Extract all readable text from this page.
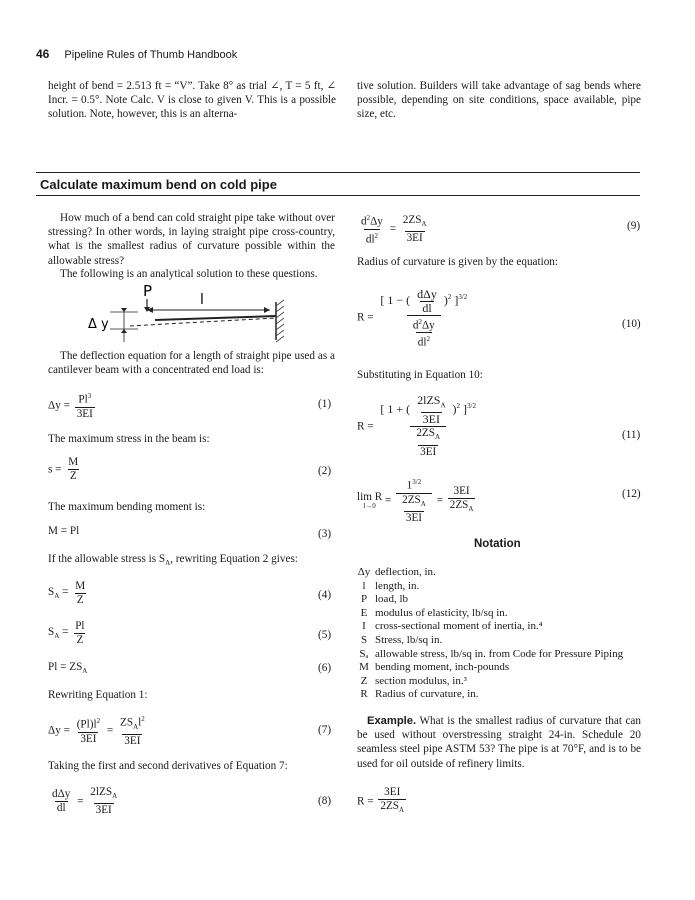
46 Pipeline Rules of Thumb Handbook
height of bend = 2.513 ft = “V”. Take 8° as trial ∠, T = 5 ft, ∠ Incr. = 0.5°. Note Calc. V is close to given V. This is a possible solution. Note, however, this is an alterna-
tive solution. Builders will take advantage of sag bends where possible, depending on site conditions, space available, pipe size, etc.
Calculate maximum bend on cold pipe
How much of a bend can cold straight pipe take without over stressing? In other words, in laying straight pipe cross-country, what is the smallest radius of curvature possible within the allowable stress?
The following is an analytical solution to these questions.
P	l
Δ y
The deflection equation for a length of straight pipe used as a cantilever beam with a concentrated end load is:
$\Delta y = \frac{Pl^3}{3EI}$	(1)
The maximum stress in the beam is:
$s = \frac{M}{Z}$	(2)
The maximum bending moment is:
M = Pl	(3)
If the allowable stress is $S_A$, rewriting Equation 2 gives:
$S_A = \frac{M}{Z}$	(4)
$S_A = \frac{Pl}{Z}$	(5)
$Pl = ZS_A$	(6)
Rewriting Equation 1:
$\Delta y = \frac{(Pl)l^2}{3EI} = \frac{ZS_Al^2}{3EI}$	(7)
Taking the first and second derivatives of Equation 7:
$\frac{\text{dΔy}}{dl} = \frac{2lZS_A}{3EI}$	(8)
$\frac{d^2\Delta y}{dl^2} = \frac{2ZS_A}{3EI}$	(9)
Radius of curvature is given by the equation:
$R = \frac{[ 1 - ( \frac{\text{dΔy}}{dl} )^2 ]^{3/2}}{\frac{d^2\Delta y}{dl^2}}$	(10)
Substituting in Equation 10:
$R = \frac{[ 1 + ( \frac{2lZS_A}{3EI} )^2 ]^{3/2}}{\frac{2ZS_A}{3EI}}$	(11)
lim R
$l\to 0 = \frac{1^{3/2}}{\frac{2ZS_A}{3EI}} = \frac{3EI}{2ZS_A}$	(12)
Notation
Δy deflection, in.
l length, in.
P load, lb
E modulus of elasticity, lb/sq in.
I cross-sectional moment of inertia, in.⁴
S Stress, lb/sq in.
Sₐ allowable stress, lb/sq in. from Code for Pressure Piping
M bending moment, inch-pounds
Z section modulus, in.³
R Radius of curvature, in.
Example. What is the smallest radius of curvature that can be used without overstressing straight 24-in. Schedule 20 seamless steel pipe ASTM 53? The pipe is at 70°F, and is to be used for oil outside of refinery limits.
$R = \frac{3EI}{2ZS_A}$
